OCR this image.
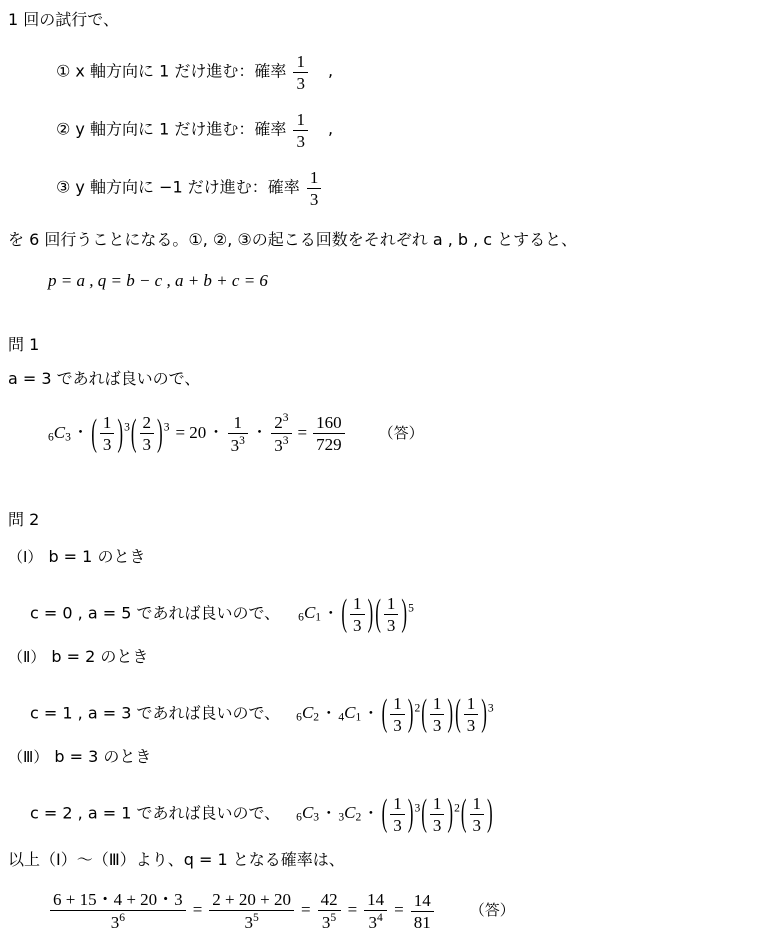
1 回の試行で、
① x 軸方向に 1 だけ進む：確率 $\frac{1}{3}$ ,
② y 軸方向に 1 だけ進む：確率 $\frac{1}{3}$ ,
③ y 軸方向に −1 だけ進む：確率 $\frac{1}{3}$
を 6 回行うことになる。①, ②, ③の起こる回数をそれぞれ a , b , c とすると、
p = a , q = b − c , a + b + c = 6
問 1
a = 3 であれば良いので、
$_6C_3$ ・ ( $\frac{1}{3} )^3( \frac{2}{3} )^3 = 20$ ・ $\frac{1}{3^3}$ ・ $\frac{2^3}{3^3} = \frac{160}{729}$ （答）
問 2
（Ⅰ） b = 1 のとき
c = 0 , a = 5 であれば良いので、 $_6C_1$ ・ ( $\frac{1}{3}$ ) ( $\frac{1}{3} )^5$
（Ⅱ） b = 2 のとき
c = 1 , a = 3 であれば良いので、 $_6C_2$ ・ $_4C_1$ ・ ( $\frac{1}{3} )^2( \frac{1}{3}$ ) ( $\frac{1}{3} )^3$
（Ⅲ） b = 3 のとき
c = 2 , a = 1 であれば良いので、 $_6C_3$ ・ $_3C_2$ ・ ( $\frac{1}{3} )^3( \frac{1}{3} )^2( \frac{1}{3}$ )
以上（Ⅰ）〜（Ⅲ）より、q = 1 となる確率は、
$\frac{6 + 15・4 + 20・3}{3^6} = \frac{2 + 20 + 20}{3^5} = \frac{42}{3^5} = \frac{14}{3^4} = \frac{14}{81}$ （答）
